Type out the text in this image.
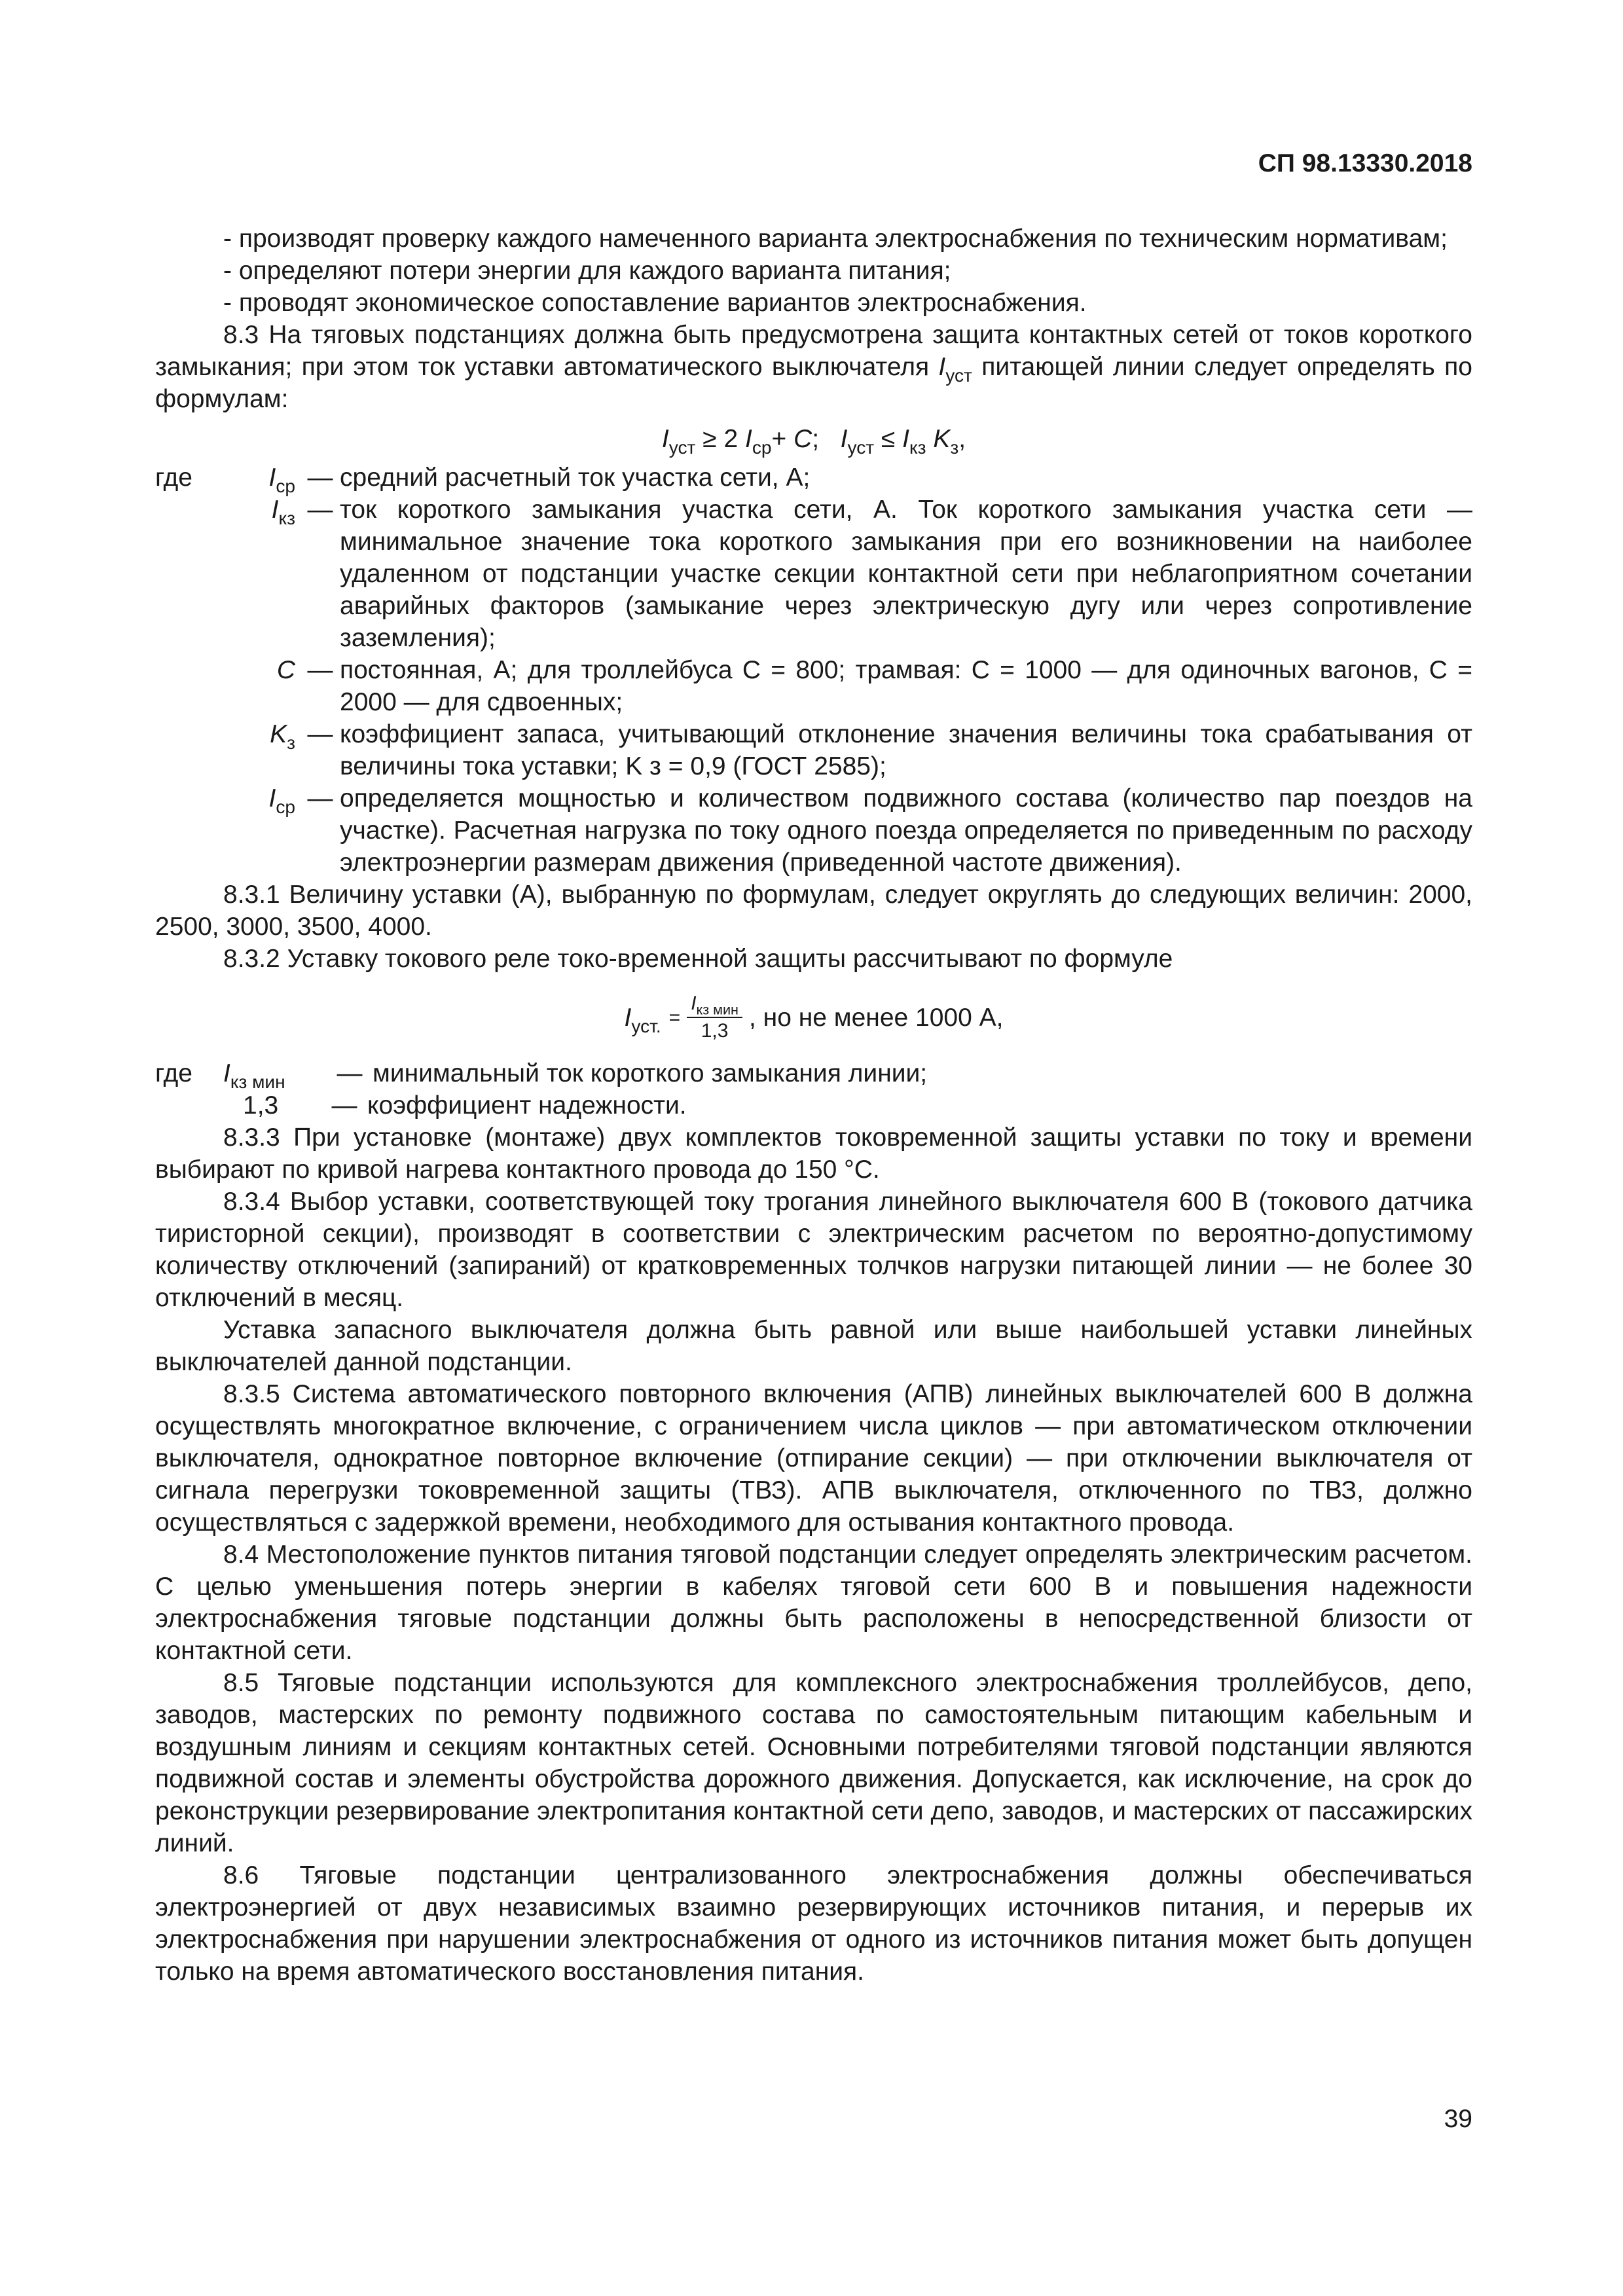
СП 98.13330.2018

- производят проверку каждого намеченного варианта электроснабжения по техническим нормативам;

- определяют потери энергии для каждого варианта питания;

- проводят экономическое сопоставление вариантов электроснабжения.

8.3 На тяговых подстанциях должна быть предусмотрена защита контактных сетей от токов короткого замыкания; при этом ток уставки автоматического выключателя $I_{уст}$ питающей линии следует определять по формулам:

$I_{уст} \ge 2$ $I_{ср}+ C$;   $I_{уст} \le I_{кз}$ $K_з$,
где	$I_{ср}$ — средний расчетный ток участка сети, А;
$I_{кз}$ — ток короткого замыкания участка сети, А. Ток короткого замыкания участка сети — минимальное значение тока короткого замыкания при его возникновении на наиболее удаленном от подстанции участке секции контактной сети при неблагоприятном сочетании аварийных факторов (замыкание через электрическую дугу или через сопротивление заземления);
C — постоянная, А; для троллейбуса C = 800; трамвая: C = 1000 — для одиночных вагонов, C = 2000 — для сдвоенных;
$K_з$ — коэффициент запаса, учитывающий отклонение значения величины тока срабатывания от величины тока уставки; K з = 0,9 (ГОСТ 2585);
$I_{ср}$ — определяется мощностью и количеством подвижного состава (количество пар поездов на участке). Расчетная нагрузка по току одного поезда определяется по приведенным по расходу электроэнергии размерам движения (приведенной частоте движения).

8.3.1 Величину уставки (А), выбранную по формулам, следует округлять до следующих величин: 2000, 2500, 3000, 3500, 4000.

8.3.2 Уставку токового реле токо-временной защиты рассчитывают по формуле

$I_{уст.} = \frac{I_{кз мин}}{1,3}$ , но не менее 1000 А,
где	$I_{кз мин}$	— минимальный ток короткого замыкания линии;
1,3	— коэффициент надежности.

8.3.3 При установке (монтаже) двух комплектов токовременной защиты уставки по току и времени выбирают по кривой нагрева контактного провода до 150 °С.

8.3.4 Выбор уставки, соответствующей току трогания линейного выключателя 600 В (токового датчика тиристорной секции), производят в соответствии с электрическим расчетом по вероятно-допустимому количеству отключений (запираний) от кратковременных толчков нагрузки питающей линии — не более 30 отключений в месяц.

Уставка запасного выключателя должна быть равной или выше наибольшей уставки линейных выключателей данной подстанции.

8.3.5 Система автоматического повторного включения (АПВ) линейных выключателей 600 В должна осуществлять многократное включение, с ограничением числа циклов — при автоматическом отключении выключателя, однократное повторное включение (отпирание секции) — при отключении выключателя от сигнала перегрузки токовременной защиты (ТВЗ). АПВ выключателя, отключенного по ТВЗ, должно осуществляться с задержкой времени, необходимого для остывания контактного провода.

8.4 Местоположение пунктов питания тяговой подстанции следует определять электрическим расчетом. С целью уменьшения потерь энергии в кабелях тяговой сети 600 В и повышения надежности электроснабжения тяговые подстанции должны быть расположены в непосредственной близости от контактной сети.

8.5 Тяговые подстанции используются для комплексного электроснабжения троллейбусов, депо, заводов, мастерских по ремонту подвижного состава по самостоятельным питающим кабельным и воздушным линиям и секциям контактных сетей. Основными потребителями тяговой подстанции являются подвижной состав и элементы обустройства дорожного движения. Допускается, как исключение, на срок до реконструкции резервирование электропитания контактной сети депо, заводов, и мастерских от пассажирских линий.

8.6 Тяговые подстанции централизованного электроснабжения должны обеспечиваться электроэнергией от двух независимых взаимно резервирующих источников питания, и перерыв их электроснабжения при нарушении электроснабжения от одного из источников питания может быть допущен только на время автоматического восстановления питания.

39
